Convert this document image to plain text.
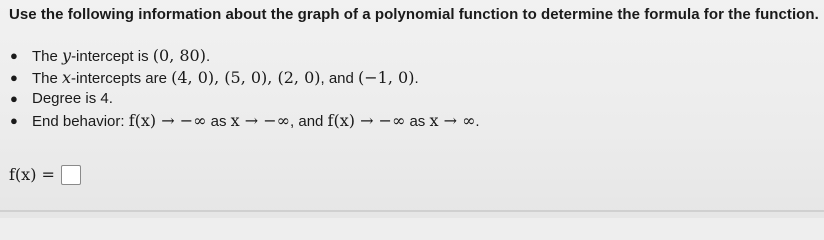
Use the following information about the graph of a polynomial function to determine the formula for the function.
● The y-intercept is (0, 80).
● The x-intercepts are (4, 0), (5, 0), (2, 0), and (−1, 0).
● Degree is 4.
● End behavior: f(x) → −∞ as x → −∞, and f(x) → −∞ as x → ∞.
f(x) =
